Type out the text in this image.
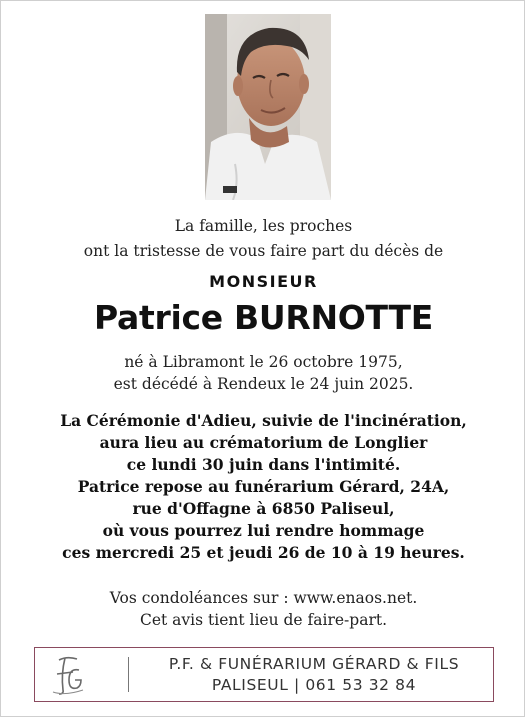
La famille, les proches
ont la tristesse de vous faire part du décès de
MONSIEUR
Patrice BURNOTTE
né à Libramont le 26 octobre 1975,
est décédé à Rendeux le 24 juin 2025.
La Cérémonie d'Adieu, suivie de l'incinération,
aura lieu au crématorium de Longlier
ce lundi 30 juin dans l'intimité.
Patrice repose au funérarium Gérard, 24A,
rue d'Offagne à 6850 Paliseul,
où vous pourrez lui rendre hommage
ces mercredi 25 et jeudi 26 de 10 à 19 heures.
Vos condoléances sur : www.enaos.net.
Cet avis tient lieu de faire-part.
P.F. & FUNÉRARIUM GÉRARD & FILS
PALISEUL | 061 53 32 84
